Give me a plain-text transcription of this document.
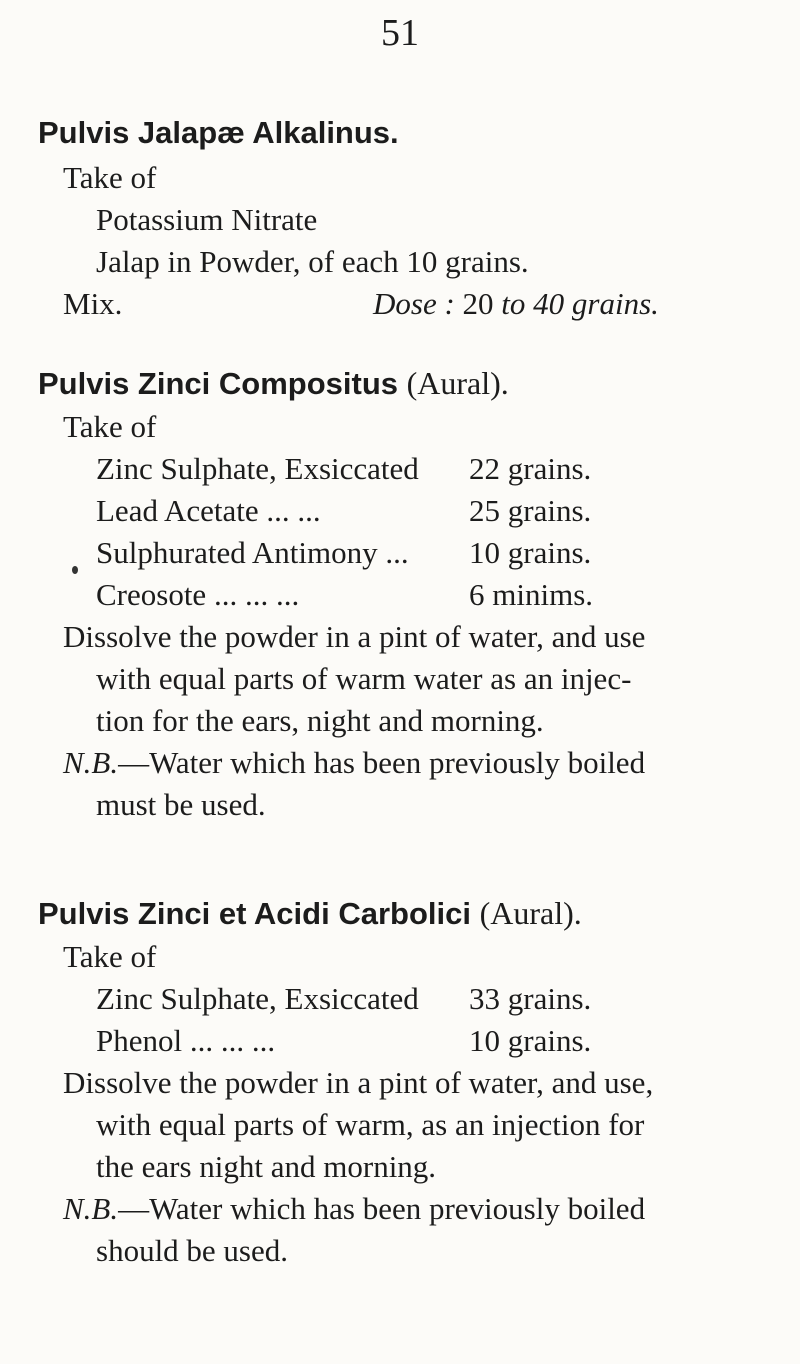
51
Pulvis Jalapæ Alkalinus.
Take of
Potassium Nitrate
Jalap in Powder, of each 10 grains.
Mix.	Dose : 20 to 40 grains.
Pulvis Zinci Compositus (Aural).
Take of
Zinc Sulphate, Exsiccated 22 grains.
Lead Acetate ... ...	25 grains.
Sulphurated Antimony ... 10 grains.
Creosote ... ... ...	6 minims.
Dissolve the powder in a pint of water, and use
with equal parts of warm water as an injec-
tion for the ears, night and morning.
N.B.—Water which has been previously boiled
must be used.
Pulvis Zinci et Acidi Carbolici (Aural).
Take of
Zinc Sulphate, Exsiccated 33 grains.
Phenol ... ... ...	10 grains.
Dissolve the powder in a pint of water, and use,
with equal parts of warm, as an injection for
the ears night and morning.
N.B.—Water which has been previously boiled
should be used.
